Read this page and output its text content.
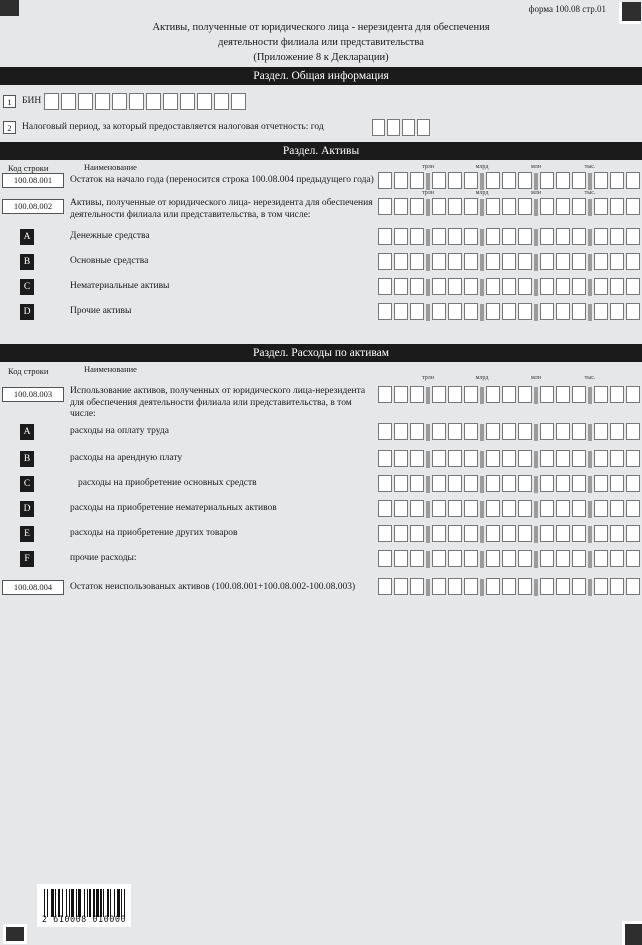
форма 100.08 стр.01
Активы, полученные от юридического лица - нерезидента для обеспечения
деятельности филиала или представительства
(Приложение 8 к Декларации)
Раздел. Общая информация
1	БИН
2	Налоговый период, за который предоставляется налоговая отчетность: год
Раздел. Активы
Код строки	Наименование	трлн	млрд	млн	тыс.
100.08.001	Остаток на начало года (переносится строка 100.08.004 предыдущего года)
трлн	млрд	млн	тыс.
100.08.002	Активы, полученные от юридического лица- нерезидента для обеспечения деятельности филиала или представительства, в том числе:
A	Денежные средства
B	Основные средства
C	Нематериальные активы
D	Прочие активы
Раздел. Расходы по активам
Код строки	Наименование
трлн	млрд	млн	тыс.
100.08.003	Использование активов, полученных от юридического лица-нерезидента для обеспечения деятельности филиала или представительства, в том числе:
A	расходы на оплату труда
B	расходы на арендную плату
C	расходы на приобретение основных средств
D	расходы на приобретение нематериальных активов
E	расходы на приобретение других товаров
F	прочие расходы:
100.08.004	Остаток неиспользованых активов (100.08.001+100.08.002-100.08.003)
2 610008 010000
